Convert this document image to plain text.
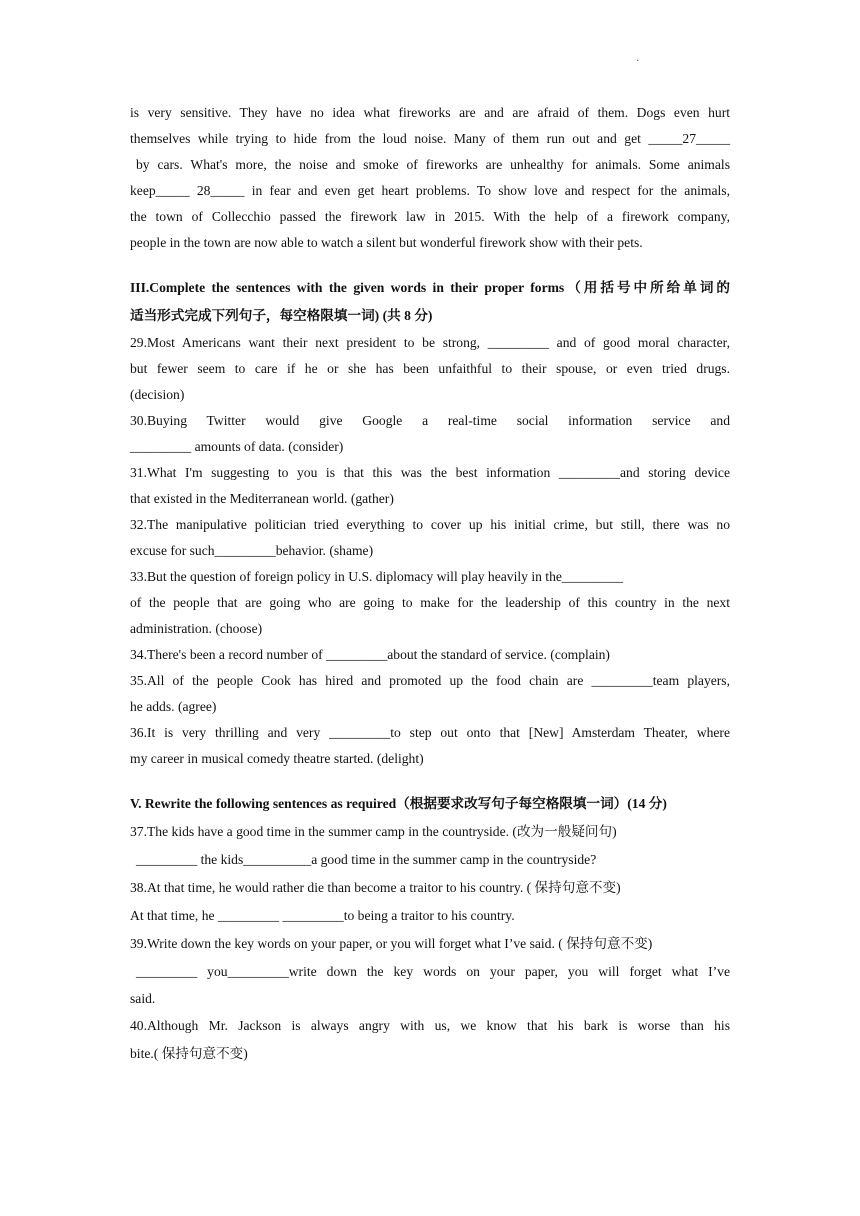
·

is very sensitive. They have no idea what fireworks are and are afraid of them. Dogs even hurt

themselves while trying to hide from the loud noise. Many of them run out and get _____27_____

by cars. What's more, the noise and smoke of fireworks are unhealthy for animals. Some animals

keep_____ 28_____ in fear and even get heart problems. To show love and respect for the animals,

the town of Collecchio passed the firework law in 2015. With the help of a firework company,

people in the town are now able to watch a silent but wonderful firework show with their pets.

III.Complete the sentences with the given words in their proper forms（用括号中所给单词的

适当形式完成下列句子，每空格限填一词) (共 8 分)

29.Most Americans want their next president to be strong, _________ and of good moral character,

but fewer seem to care if he or she has been unfaithful to their spouse, or even tried drugs.

(decision)

30.Buying Twitter would give Google a real-time social information service and

_________ amounts of data. (consider)

31.What I'm suggesting to you is that this was the best information _________and storing device

that existed in the Mediterranean world. (gather)

32.The manipulative politician tried everything to cover up his initial crime, but still, there was no

excuse for such_________behavior. (shame)

33.But the question of foreign policy in U.S. diplomacy will play heavily in the_________

of the people that are going who are going to make for the leadership of this country in the next

administration. (choose)

34.There's been a record number of _________about the standard of service. (complain)

35.All of the people Cook has hired and promoted up the food chain are _________team players,

he adds. (agree)

36.It is very thrilling and very _________to step out onto that [New] Amsterdam Theater, where

my career in musical comedy theatre started. (delight)

V. Rewrite the following sentences as required（根据要求改写句子每空格限填一词）(14 分)

37.The kids have a good time in the summer camp in the countryside. (改为一般疑问句)

_________ the kids__________a good time in the summer camp in the countryside?

38.At that time, he would rather die than become a traitor to his country. ( 保持句意不变)

At that time, he _________ _________to being a traitor to his country.

39.Write down the key words on your paper, or you will forget what I’ve said. ( 保持句意不变)

_________ you_________write down the key words on your paper, you will forget what I’ve

said.

40.Although Mr. Jackson is always angry with us, we know that his bark is worse than his

bite.( 保持句意不变)
